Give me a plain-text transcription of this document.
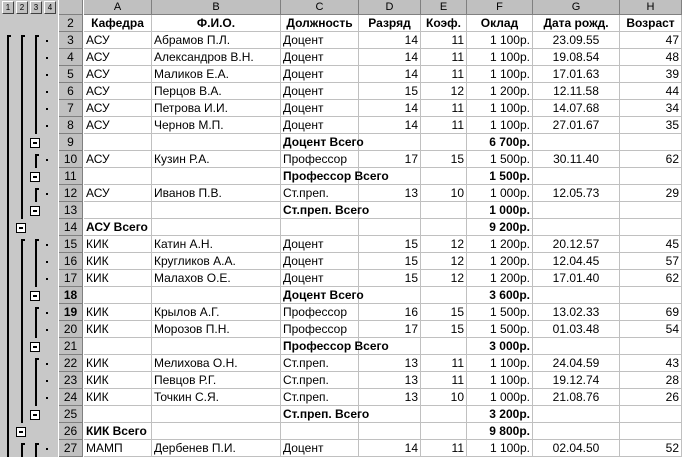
1	2	3	4	A	B	C	D	E	F	G	H
2	Кафедра	Ф.И.О.	Должность	Разряд	Коэф.	Оклад	Дата рожд.	Возраст
3	АСУ	Абрамов П.Л.	Доцент	14	11	1 100р.	23.09.55	47
4	АСУ	Александров В.Н.	Доцент	14	11	1 100р.	19.08.54	48
5	АСУ	Маликов Е.А.	Доцент	14	11	1 100р.	17.01.63	39
6	АСУ	Перцов В.А.	Доцент	15	12	1 200р.	12.11.58	44
7	АСУ	Петрова И.И.	Доцент	14	11	1 100р.	14.07.68	34
8	АСУ	Чернов М.П.	Доцент	14	11	1 100р.	27.01.67	35
9	Доцент Всего	6 700р.
10 АСУ	Кузин Р.А.	Профессор	17	15	1 500р.	30.11.40	62
11	Профессор Всего	1 500р.
12 АСУ	Иванов П.В.	Ст.преп.	13	10	1 000р.	12.05.73	29
13	Ст.преп. Всего	1 000р.
14 АСУ Всего	9 200р.
15 КИК	Катин А.Н.	Доцент	15	12	1 200р.	20.12.57	45
16 КИК	Кругликов А.А.	Доцент	15	12	1 200р.	12.04.45	57
17 КИК	Малахов О.Е.	Доцент	15	12	1 200р.	17.01.40	62
18	Доцент Всего	3 600р.
19 КИК	Крылов А.Г.	Профессор	16	15	1 500р.	13.02.33	69
20 КИК	Морозов П.Н.	Профессор	17	15	1 500р.	01.03.48	54
21	Профессор Всего	3 000р.
22 КИК	Мелихова О.Н.	Ст.преп.	13	11	1 100р.	24.04.59	43
23 КИК	Певцов Р.Г.	Ст.преп.	13	11	1 100р.	19.12.74	28
24 КИК	Точкин С.Я.	Ст.преп.	13	10	1 000р.	21.08.76	26
25	Ст.преп. Всего	3 200р.
26 КИК Всего	9 800р.
27 МАМП	Дербенев П.И.	Доцент	14	11	1 100р.	02.04.50	52
